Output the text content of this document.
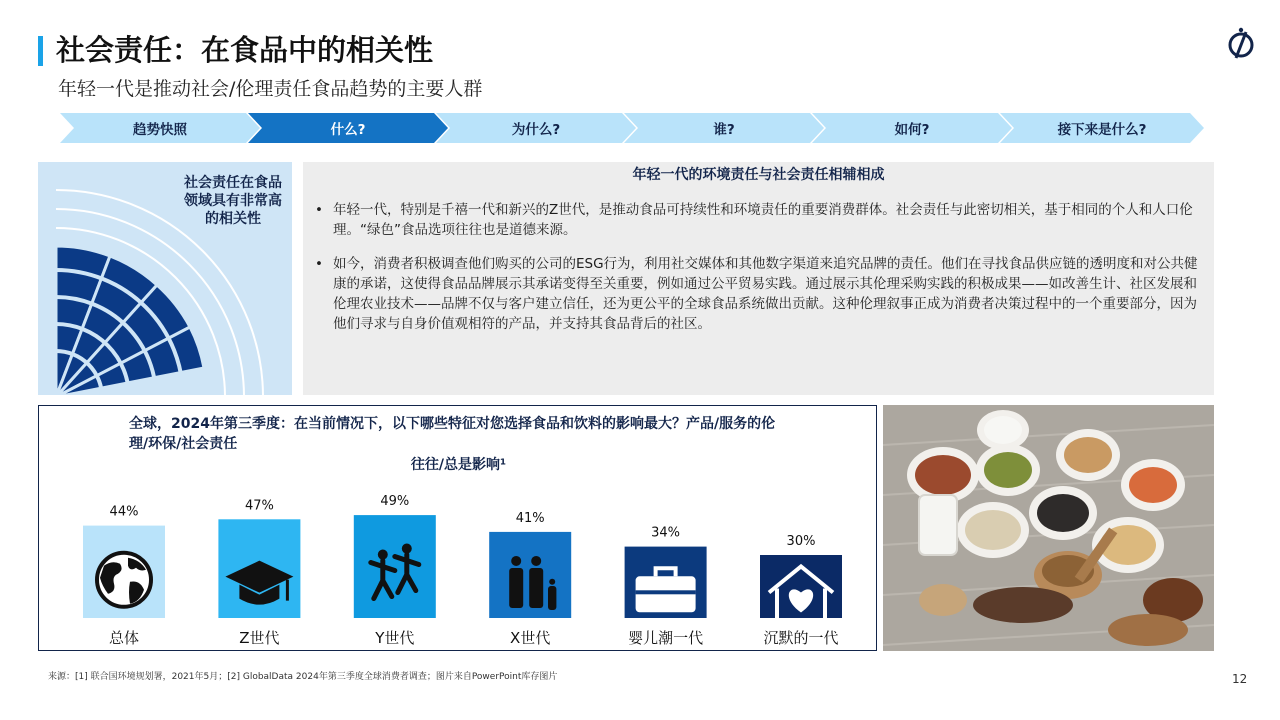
社会责任：在食品中的相关性
年轻一代是推动社会/伦理责任食品趋势的主要人群
趋势快照	什么?	为什么?	谁?	如何?	接下来是什么?
社会责任在食品领域具有非常高的相关性
年轻一代的环境责任与社会责任相辅相成
• 年轻一代，特别是千禧一代和新兴的Z世代，是推动食品可持续性和环境责任的重要消费群体。社会责任与此密切相关，基于相同的个人和人口伦理。“绿色”食品选项往往也是道德来源。
• 如今，消费者积极调查他们购买的公司的ESG行为，利用社交媒体和其他数字渠道来追究品牌的责任。他们在寻找食品供应链的透明度和对公共健康的承诺，这使得食品品牌展示其承诺变得至关重要，例如通过公平贸易实践。通过展示其伦理采购实践的积极成果——如改善生计、社区发展和伦理农业技术——品牌不仅与客户建立信任，还为更公平的全球食品系统做出贡献。这种伦理叙事正成为消费者决策过程中的一个重要部分，因为他们寻求与自身价值观相符的产品，并支持其食品背后的社区。
全球，2024年第三季度：在当前情况下，以下哪些特征对您选择食品和饮料的影响最大？产品/服务的伦理/环保/社会责任
往往/总是影响¹
44%
总体
47%
Z世代
49%
Y世代
41%
X世代
34%
婴儿潮一代
30%
沉默的一代
来源：[1] 联合国环境规划署，2021年5月；[2] GlobalData 2024年第三季度全球消费者调查；图片来自PowerPoint库存图片	12
